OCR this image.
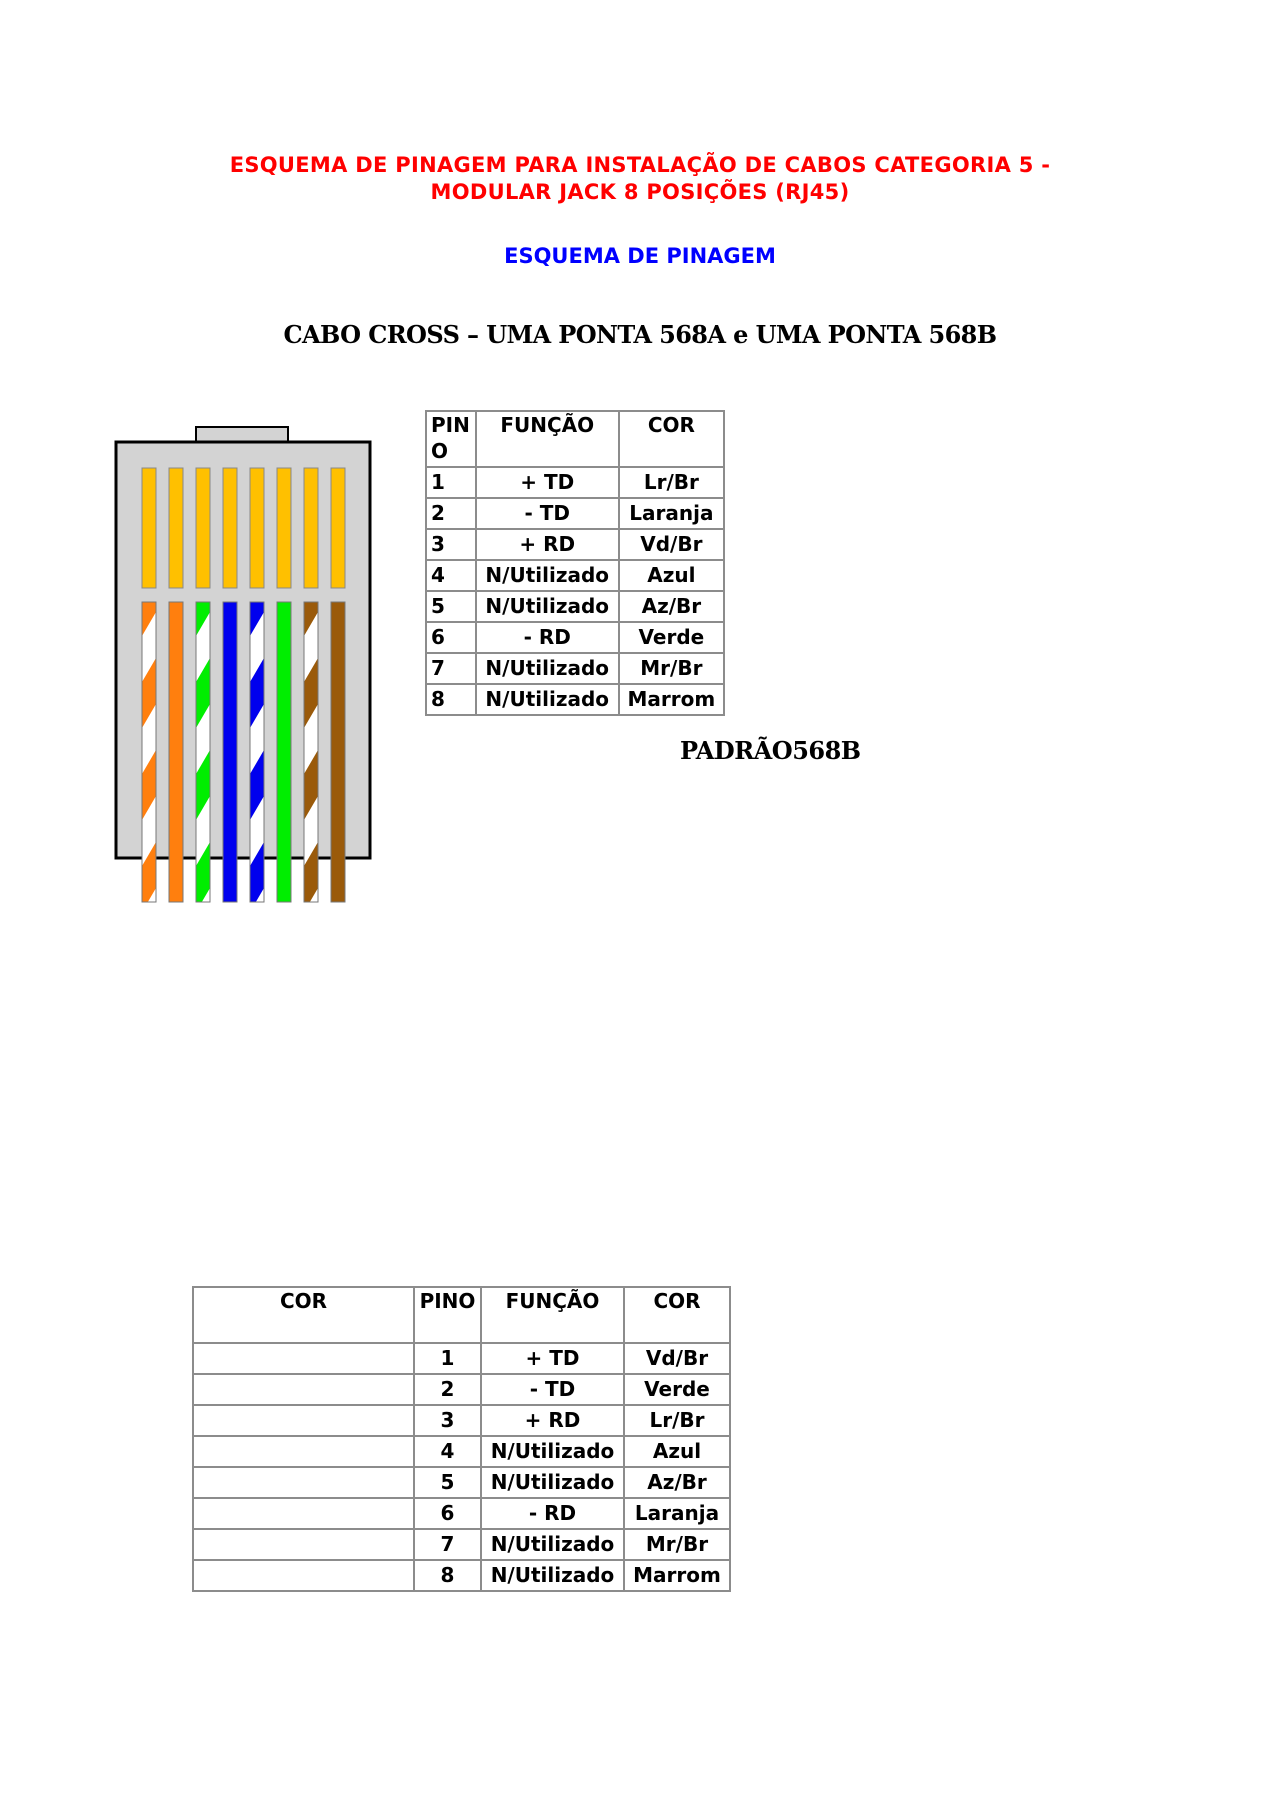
ESQUEMA DE PINAGEM PARA INSTALAÇÃO DE CABOS CATEGORIA 5 -
MODULAR JACK 8 POSIÇÕES (RJ45)
ESQUEMA DE PINAGEM
CABO CROSS – UMA PONTA 568A e UMA PONTA 568B
PINO	FUNÇÃO	COR
1	+ TD	Lr/Br
2	- TD	Laranja
3	+ RD	Vd/Br
4	N/Utilizado	Azul
5	N/Utilizado	Az/Br
6	- RD	Verde
7	N/Utilizado	Mr/Br
8	N/Utilizado	Marrom
PADRÃO568B
COR	PINO	FUNÇÃO	COR
	1	+ TD	Vd/Br
	2	- TD	Verde
	3	+ RD	Lr/Br
	4	N/Utilizado	Azul
	5	N/Utilizado	Az/Br
	6	- RD	Laranja
	7	N/Utilizado	Mr/Br
	8	N/Utilizado	Marrom
